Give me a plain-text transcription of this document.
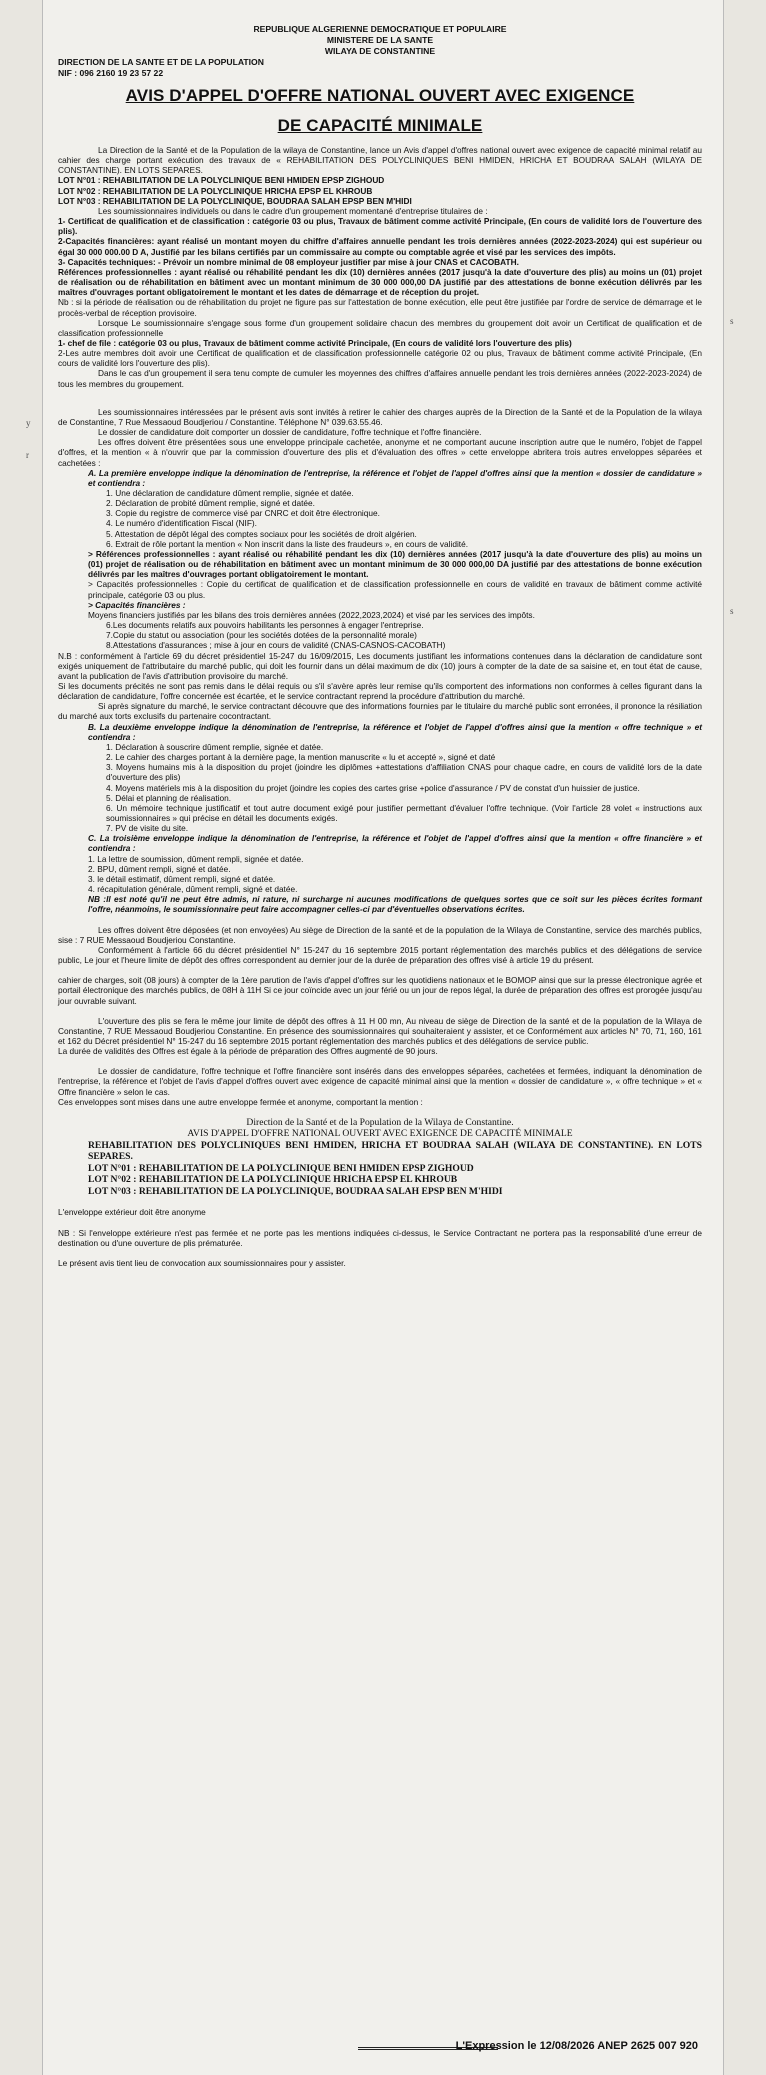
y
r
s
s
REPUBLIQUE ALGERIENNE DEMOCRATIQUE ET POPULAIRE
MINISTERE DE LA SANTE
WILAYA DE CONSTANTINE
DIRECTION DE LA SANTE ET DE LA POPULATION
NIF : 096 2160 19 23 57 22
AVIS D'APPEL D'OFFRE NATIONAL OUVERT AVEC EXIGENCE
DE CAPACITÉ MINIMALE

La Direction de la Santé et de la Population de la wilaya de Constantine, lance un Avis d'appel d'offres national ouvert avec exigence de capacité minimal relatif au cahier des charge portant exécution des travaux de « REHABILITATION DES POLYCLINIQUES BENI HMIDEN, HRICHA ET BOUDRAA SALAH (WILAYA DE CONSTANTINE). EN LOTS SEPARES.

LOT N°01 : REHABILITATION DE LA POLYCLINIQUE BENI HMIDEN EPSP ZIGHOUD

LOT N°02 : REHABILITATION DE LA POLYCLINIQUE HRICHA EPSP EL KHROUB

LOT N°03 : REHABILITATION DE LA POLYCLINIQUE, BOUDRAA SALAH EPSP BEN M'HIDI

Les soumissionnaires individuels ou dans le cadre d'un groupement momentané d'entreprise titulaires de :

1- Certificat de qualification et de classification : catégorie 03 ou plus, Travaux de bâtiment comme activité Principale, (En cours de validité lors de l'ouverture des plis).

2-Capacités financières: ayant réalisé un montant moyen du chiffre d'affaires annuelle pendant les trois dernières années (2022-2023-2024) qui est supérieur ou égal 30 000 000.00 D A, Justifié par les bilans certifiés par un commissaire au compte ou comptable agrée et visé par les services des impôts.

3- Capacités techniques: - Prévoir un nombre minimal de 08 employeur justifier par mise à jour CNAS et CACOBATH.

Références professionnelles : ayant réalisé ou réhabilité pendant les dix (10) dernières années (2017 jusqu'à la date d'ouverture des plis) au moins un (01) projet de réalisation ou de réhabilitation en bâtiment avec un montant minimum de 30 000 000,00 DA justifié par des attestations de bonne exécution délivrés par les maîtres d'ouvrages portant obligatoirement le montant et les dates de démarrage et de réception du projet.

Nb : si la période de réalisation ou de réhabilitation du projet ne figure pas sur l'attestation de bonne exécution, elle peut être justifiée par l'ordre de service de démarrage et le procès-verbal de réception provisoire.

Lorsque Le soumissionnaire s'engage sous forme d'un groupement solidaire chacun des membres du groupement doit avoir un Certificat de qualification et de classification professionnelle

1- chef de file : catégorie 03 ou plus, Travaux de bâtiment comme activité Principale, (En cours de validité lors l'ouverture des plis)

2-Les autre membres doit avoir une Certificat de qualification et de classification professionnelle catégorie 02 ou plus, Travaux de bâtiment comme activité Principale, (En cours de validité lors l'ouverture des plis).

Dans le cas d'un groupement il sera tenu compte de cumuler les moyennes des chiffres d'affaires annuelle pendant les trois dernières années (2022-2023-2024) de tous les membres du groupement.

Les soumissionnaires intéressées par le présent avis sont invités à retirer le cahier des charges auprès de la Direction de la Santé et de la Population de la wilaya de Constantine, 7 Rue Messaoud Boudjeriou / Constantine. Téléphone N° 039.63.55.46.

Le dossier de candidature doit comporter un dossier de candidature, l'offre technique et l'offre financière.

Les offres doivent être présentées sous une enveloppe principale cachetée, anonyme et ne comportant aucune inscription autre que le numéro, l'objet de l'appel d'offres, et la mention « à n'ouvrir que par la commission d'ouverture des plis et d'évaluation des offres » cette enveloppe abritera trois autres enveloppes séparées et cachetées :

A. La première enveloppe indique la dénomination de l'entreprise, la référence et l'objet de l'appel d'offres ainsi que la mention « dossier de candidature » et contiendra :

1. Une déclaration de candidature dûment remplie, signée et datée.

2. Déclaration de probité dûment remplie, signé et datée.

3. Copie du registre de commerce visé par CNRC et doit être électronique.

4. Le numéro d'identification Fiscal (NIF).

5. Attestation de dépôt légal des comptes sociaux pour les sociétés de droit algérien.

6. Extrait de rôle portant la mention « Non inscrit dans la liste des fraudeurs », en cours de validité.

> Références professionnelles : ayant réalisé ou réhabilité pendant les dix (10) dernières années (2017 jusqu'à la date d'ouverture des plis) au moins un (01) projet de réalisation ou de réhabilitation en bâtiment avec un montant minimum de 30 000 000,00 DA justifié par des attestations de bonne exécution délivrés par les maîtres d'ouvrages portant obligatoirement le montant.

> Capacités professionnelles : Copie du certificat de qualification et de classification professionnelle en cours de validité en travaux de bâtiment comme activité principale, catégorie 03 ou plus.

> Capacités financières :

Moyens financiers justifiés par les bilans des trois dernières années (2022,2023,2024) et visé par les services des impôts.

6.Les documents relatifs aux pouvoirs habilitants les personnes à engager l'entreprise.

7.Copie du statut ou association (pour les sociétés dotées de la personnalité morale)

8.Attestations d'assurances ; mise à jour en cours de validité (CNAS-CASNOS-CACOBATH)

N.B : conformément à l'article 69 du décret présidentiel 15-247 du 16/09/2015, Les documents justifiant les informations contenues dans la déclaration de candidature sont exigés uniquement de l'attributaire du marché public, qui doit les fournir dans un délai maximum de dix (10) jours à compter de la date de sa saisine et, en tout état de cause, avant la publication de l'avis d'attribution provisoire du marché.

Si les documents précités ne sont pas remis dans le délai requis ou s'il s'avère après leur remise qu'ils comportent des informations non conformes à celles figurant dans la déclaration de candidature, l'offre concernée est écartée, et le service contractant reprend la procédure d'attribution du marché.

Si après signature du marché, le service contractant découvre que des informations fournies par le titulaire du marché public sont erronées, il prononce la résiliation du marché aux torts exclusifs du partenaire cocontractant.

B. La deuxième enveloppe indique la dénomination de l'entreprise, la référence et l'objet de l'appel d'offres ainsi que la mention « offre technique » et contiendra :

1. Déclaration à souscrire dûment remplie, signée et datée.

2. Le cahier des charges portant à la dernière page, la mention manuscrite « lu et accepté », signé et daté

3. Moyens humains mis à la disposition du projet (joindre les diplômes +attestations d'affiliation CNAS pour chaque cadre, en cours de validité lors de la date d'ouverture des plis)

4. Moyens matériels mis à la disposition du projet (joindre les copies des cartes grise +police d'assurance / PV de constat d'un huissier de justice.

5. Délai et planning de réalisation.

6. Un mémoire technique justificatif et tout autre document exigé pour justifier permettant d'évaluer l'offre technique. (Voir l'article 28 volet « instructions aux soumissionnaires » qui précise en détail les documents exigés.

7. PV de visite du site.

C. La troisième enveloppe indique la dénomination de l'entreprise, la référence et l'objet de l'appel d'offres ainsi que la mention « offre financière » et contiendra :

1. La lettre de soumission, dûment rempli, signée et datée.

2. BPU, dûment rempli, signé et datée.

3. le détail estimatif, dûment rempli, signé et datée.

4. récapitulation générale, dûment rempli, signé et datée.

NB :Il est noté qu'il ne peut être admis, ni rature, ni surcharge ni aucunes modifications de quelques sortes que ce soit sur les pièces écrites formant l'offre, néanmoins, le soumissionnaire peut faire accompagner celles-ci par d'éventuelles observations écrites.

Les offres doivent être déposées (et non envoyées) Au siège de Direction de la santé et de la population de la Wilaya de Constantine, service des marchés publics, sise : 7 RUE Messaoud Boudjeriou Constantine.

Conformément à l'article 66 du décret présidentiel N° 15-247 du 16 septembre 2015 portant réglementation des marchés publics et des délégations de service public, Le jour et l'heure limite de dépôt des offres correspondent au dernier jour de la durée de préparation des offres visé à article 19 du présent.

cahier de charges, soit (08 jours) à compter de la 1ère parution de l'avis d'appel d'offres sur les quotidiens nationaux et le BOMOP ainsi que sur la presse électronique agrée et portail électronique des marchés publics, de 08H à 11H Si ce jour coïncide avec un jour férié ou un jour de repos légal, la durée de préparation des offres est prorogée jusqu'au jour ouvrable suivant.

L'ouverture des plis se fera le même jour limite de dépôt des offres à 11 H 00 mn, Au niveau de siège de Direction de la santé et de la population de la Wilaya de Constantine, 7 RUE Messaoud Boudjeriou Constantine. En présence des soumissionnaires qui souhaiteraient y assister, et ce Conformément aux articles N° 70, 71, 160, 161 et 162 du Décret présidentiel N° 15-247 du 16 septembre 2015 portant réglementation des marchés publics et des délégations de service public.

La durée de validités des Offres est égale à la période de préparation des Offres augmenté de 90 jours.

Le dossier de candidature, l'offre technique et l'offre financière sont insérés dans des enveloppes séparées, cachetées et fermées, indiquant la dénomination de l'entreprise, la référence et l'objet de l'avis d'appel d'offres ouvert avec exigence de capacité minimal ainsi que la mention « dossier de candidature », « offre technique » et « Offre financière » selon le cas.

Ces enveloppes sont mises dans une autre enveloppe fermée et anonyme, comportant la mention :

Direction de la Santé et de la Population de la Wilaya de Constantine.

AVIS D'APPEL D'OFFRE NATIONAL OUVERT AVEC EXIGENCE DE CAPACITÉ MINIMALE

REHABILITATION DES POLYCLINIQUES BENI HMIDEN, HRICHA ET BOUDRAA SALAH (WILAYA DE CONSTANTINE). EN LOTS SEPARES.

LOT N°01 : REHABILITATION DE LA POLYCLINIQUE BENI HMIDEN EPSP ZIGHOUD

LOT N°02 : REHABILITATION DE LA POLYCLINIQUE HRICHA EPSP EL KHROUB

LOT N°03 : REHABILITATION DE LA POLYCLINIQUE, BOUDRAA SALAH EPSP BEN M'HIDI

L'enveloppe extérieur doit être anonyme

NB : Si l'enveloppe extérieure n'est pas fermée et ne porte pas les mentions indiquées ci-dessus, le Service Contractant ne portera pas la responsabilité d'une erreur de destination ou d'une ouverture de plis prématurée.

Le présent avis tient lieu de convocation aux soumissionnaires pour y assister.

L'Expression le 12/08/2026 ANEP 2625 007 920
